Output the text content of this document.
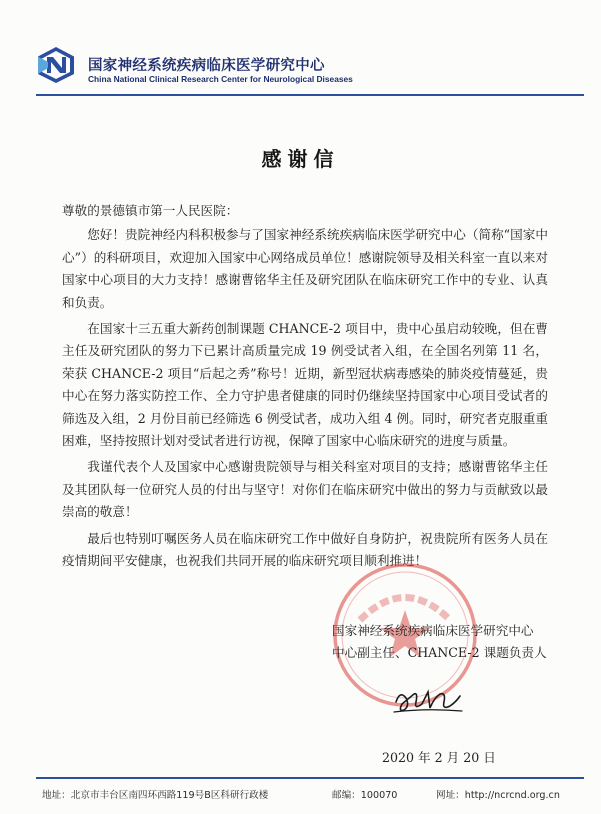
国家神经系统疾病临床医学研究中心
China National Clinical Research Center for Neurological Diseases
感谢信

尊敬的景德镇市第一人民医院：

您好！贵院神经内科积极参与了国家神经系统疾病临床医学研究中心（简称“国家中心”）的科研项目，欢迎加入国家中心网络成员单位！感谢院领导及相关科室一直以来对国家中心项目的大力支持！感谢曹铭华主任及研究团队在临床研究工作中的专业、认真和负责。

在国家十三五重大新药创制课题 CHANCE-2 项目中，贵中心虽启动较晚，但在曹主任及研究团队的努力下已累计高质量完成 19 例受试者入组，在全国名列第 11 名，荣获 CHANCE-2 项目“后起之秀”称号！近期，新型冠状病毒感染的肺炎疫情蔓延，贵中心在努力落实防控工作、全力守护患者健康的同时仍继续坚持国家中心项目受试者的筛选及入组，2 月份目前已经筛选 6 例受试者，成功入组 4 例。同时，研究者克服重重困难，坚持按照计划对受试者进行访视，保障了国家中心临床研究的进度与质量。

我谨代表个人及国家中心感谢贵院领导与相关科室对项目的支持；感谢曹铭华主任及其团队每一位研究人员的付出与坚守！对你们在临床研究中做出的努力与贡献致以最崇高的敬意！

最后也特别叮嘱医务人员在临床研究工作中做好自身防护，祝贵院所有医务人员在疫情期间平安健康，也祝我们共同开展的临床研究项目顺利推进！

国家神经系统疾病临床医学研究中心
中心副主任、CHANCE-2 课题负责人
2020 年 2 月 20 日
地址：北京市丰台区南四环西路119号B区科研行政楼	邮编：100070	网址：http://ncrcnd.org.cn
